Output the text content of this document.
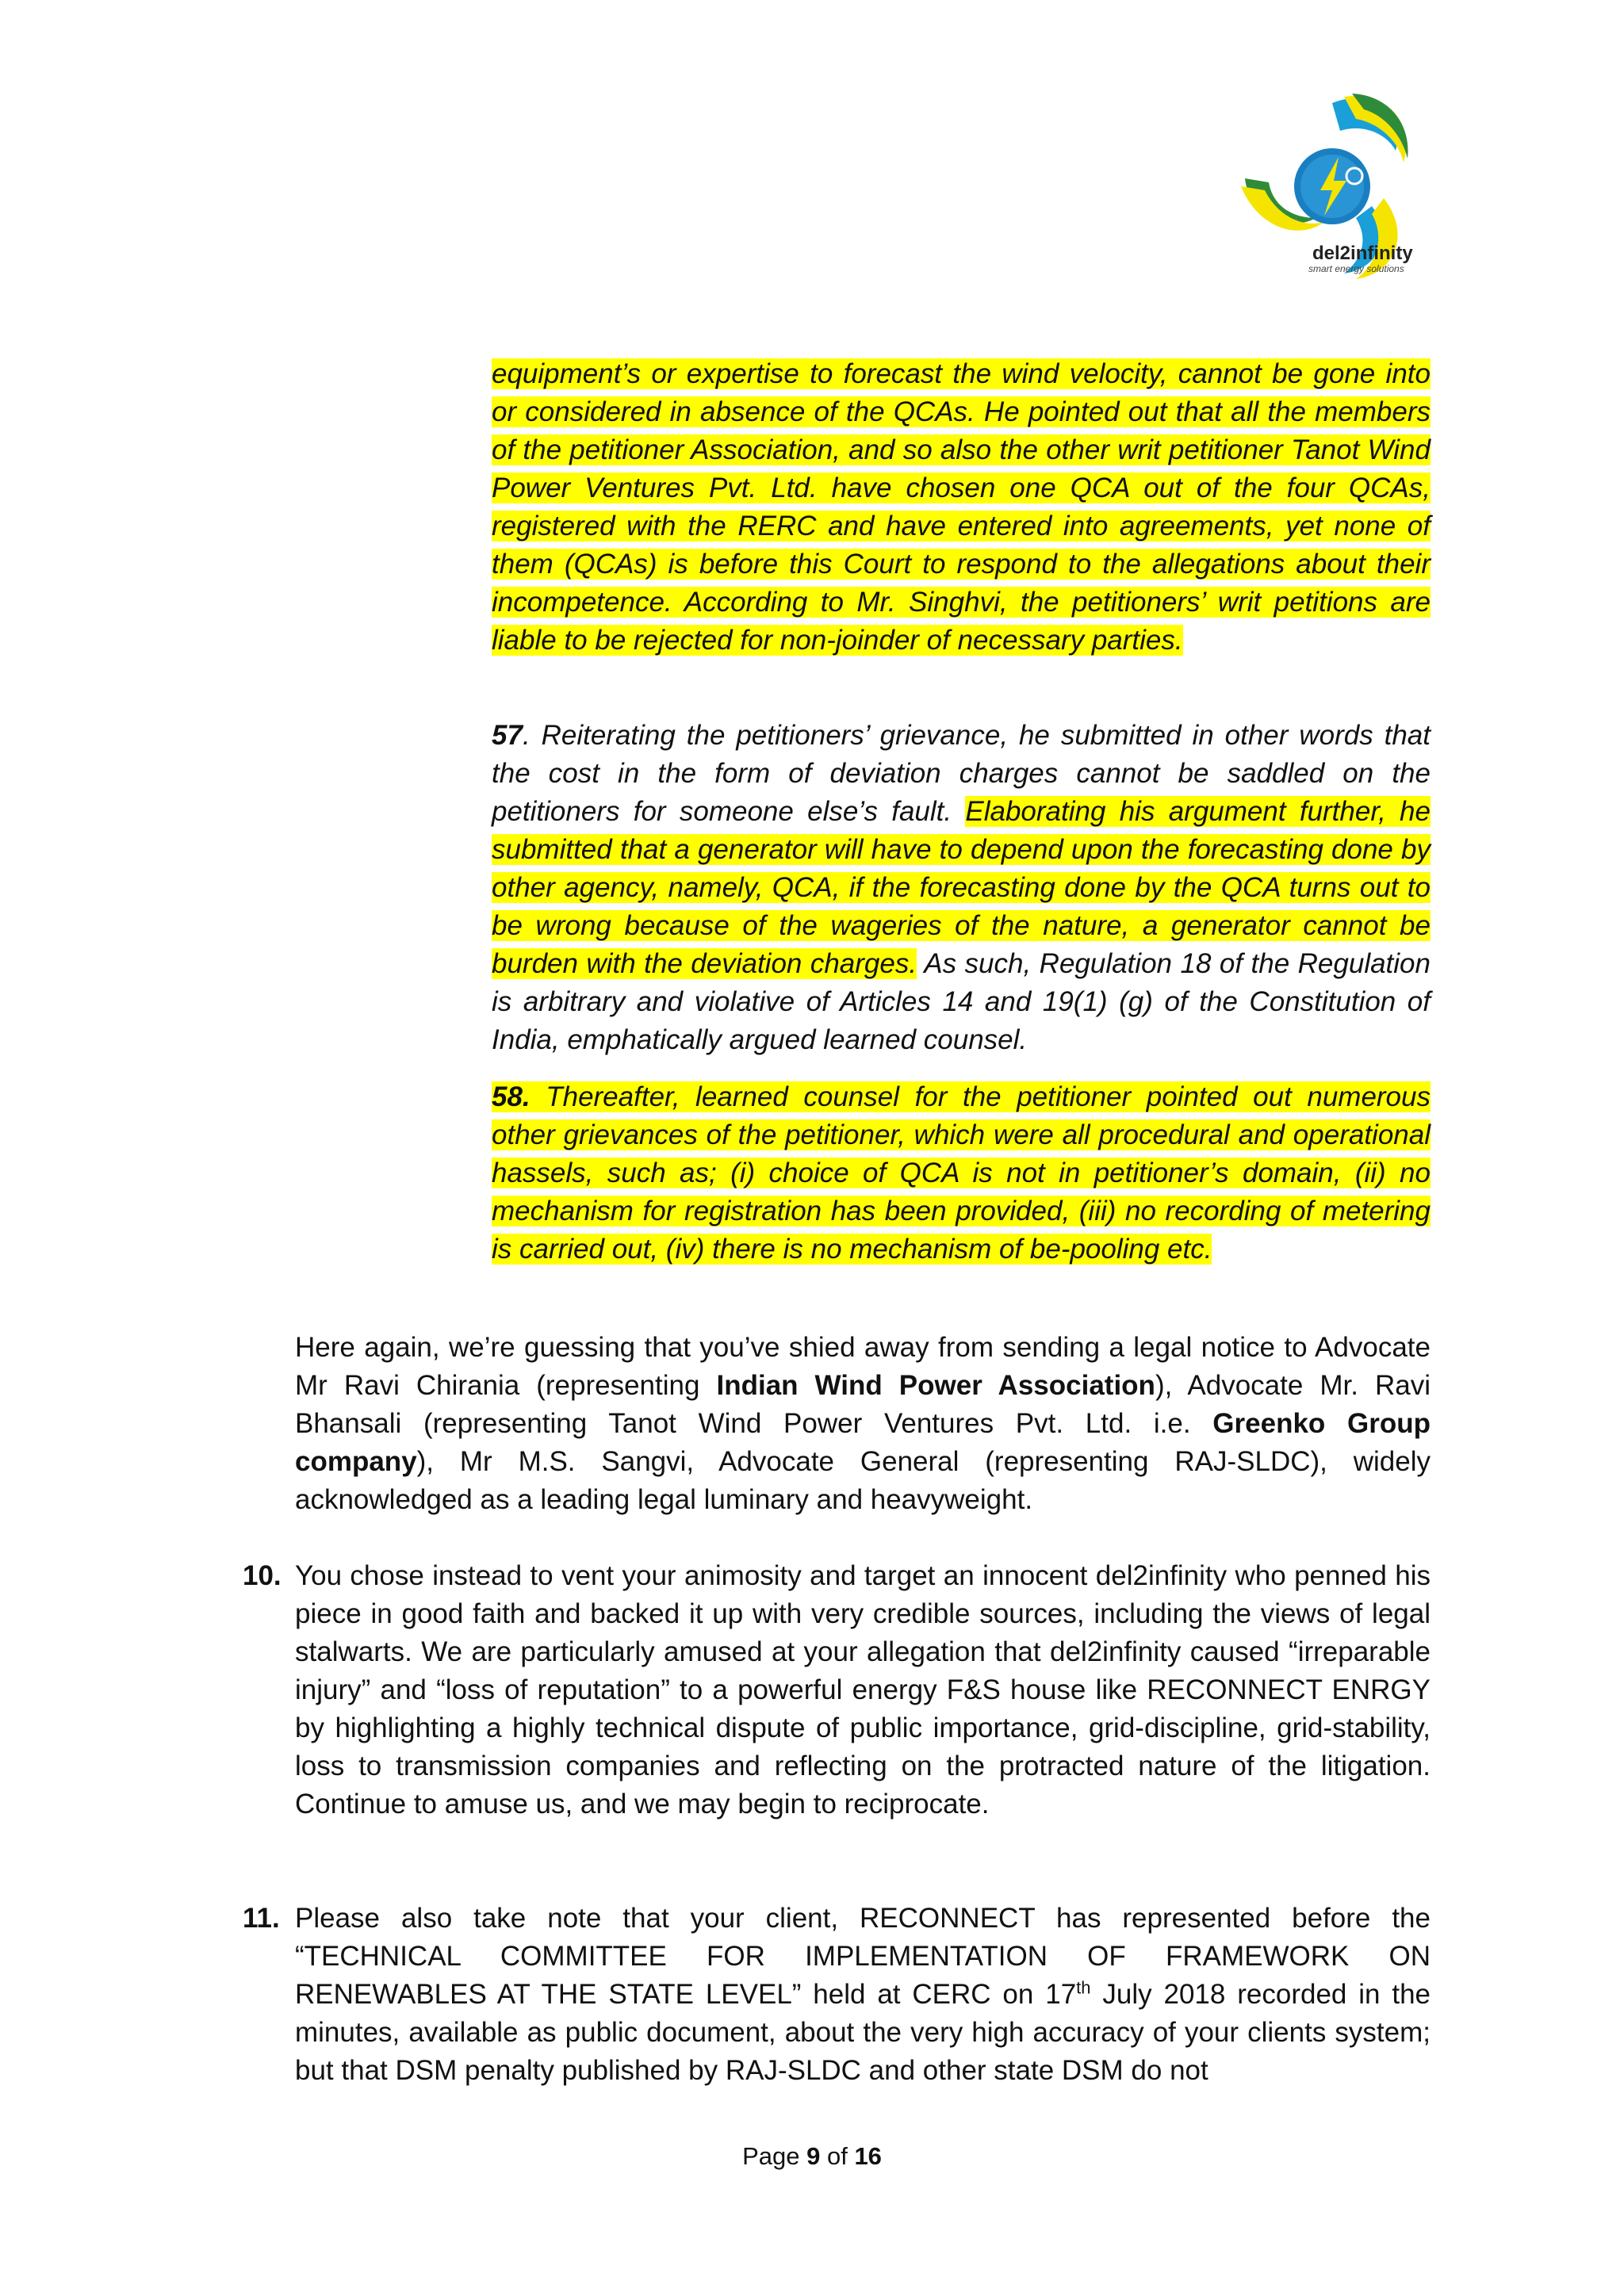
del2infinity
smart energy solutions
equipment’s or expertise to forecast the wind velocity, cannot be gone into or considered in absence of the QCAs. He pointed out that all the members of the petitioner Association, and so also the other writ petitioner Tanot Wind Power Ventures Pvt. Ltd. have chosen one QCA out of the four QCAs, registered with the RERC and have entered into agreements, yet none of them (QCAs) is before this Court to respond to the allegations about their incompetence. According to Mr. Singhvi, the petitioners’ writ petitions are liable to be rejected for non-joinder of necessary parties.
57. Reiterating the petitioners’ grievance, he submitted in other words that the cost in the form of deviation charges cannot be saddled on the petitioners for someone else’s fault. Elaborating his argument further, he submitted that a generator will have to depend upon the forecasting done by other agency, namely, QCA, if the forecasting done by the QCA turns out to be wrong because of the wageries of the nature, a generator cannot be burden with the deviation charges. As such, Regulation 18 of the Regulation is arbitrary and violative of Articles 14 and 19(1) (g) of the Constitution of India, emphatically argued learned counsel.
58. Thereafter, learned counsel for the petitioner pointed out numerous other grievances of the petitioner, which were all procedural and operational hassels, such as; (i) choice of QCA is not in petitioner’s domain, (ii) no mechanism for registration has been provided, (iii) no recording of metering is carried out, (iv) there is no mechanism of be-pooling etc.
Here again, we’re guessing that you’ve shied away from sending a legal notice to Advocate Mr Ravi Chirania (representing Indian Wind Power Association), Advocate Mr. Ravi Bhansali (representing Tanot Wind Power Ventures Pvt. Ltd. i.e. Greenko Group company), Mr M.S. Sangvi, Advocate General (representing RAJ-SLDC), widely acknowledged as a leading legal luminary and heavyweight.
10. You chose instead to vent your animosity and target an innocent del2infinity who penned his piece in good faith and backed it up with very credible sources, including the views of legal stalwarts. We are particularly amused at your allegation that del2infinity caused “irreparable injury” and “loss of reputation” to a powerful energy F&S house like RECONNECT ENRGY by highlighting a highly technical dispute of public importance, grid-discipline, grid-stability, loss to transmission companies and reflecting on the protracted nature of the litigation. Continue to amuse us, and we may begin to reciprocate.
11. Please also take note that your client, RECONNECT has represented before the “TECHNICAL COMMITTEE FOR IMPLEMENTATION OF FRAMEWORK ON RENEWABLES AT THE STATE LEVEL” held at CERC on 17th July 2018 recorded in the minutes, available as public document, about the very high accuracy of your clients system; but that DSM penalty published by RAJ-SLDC and other state DSM do not
Page 9 of 16
